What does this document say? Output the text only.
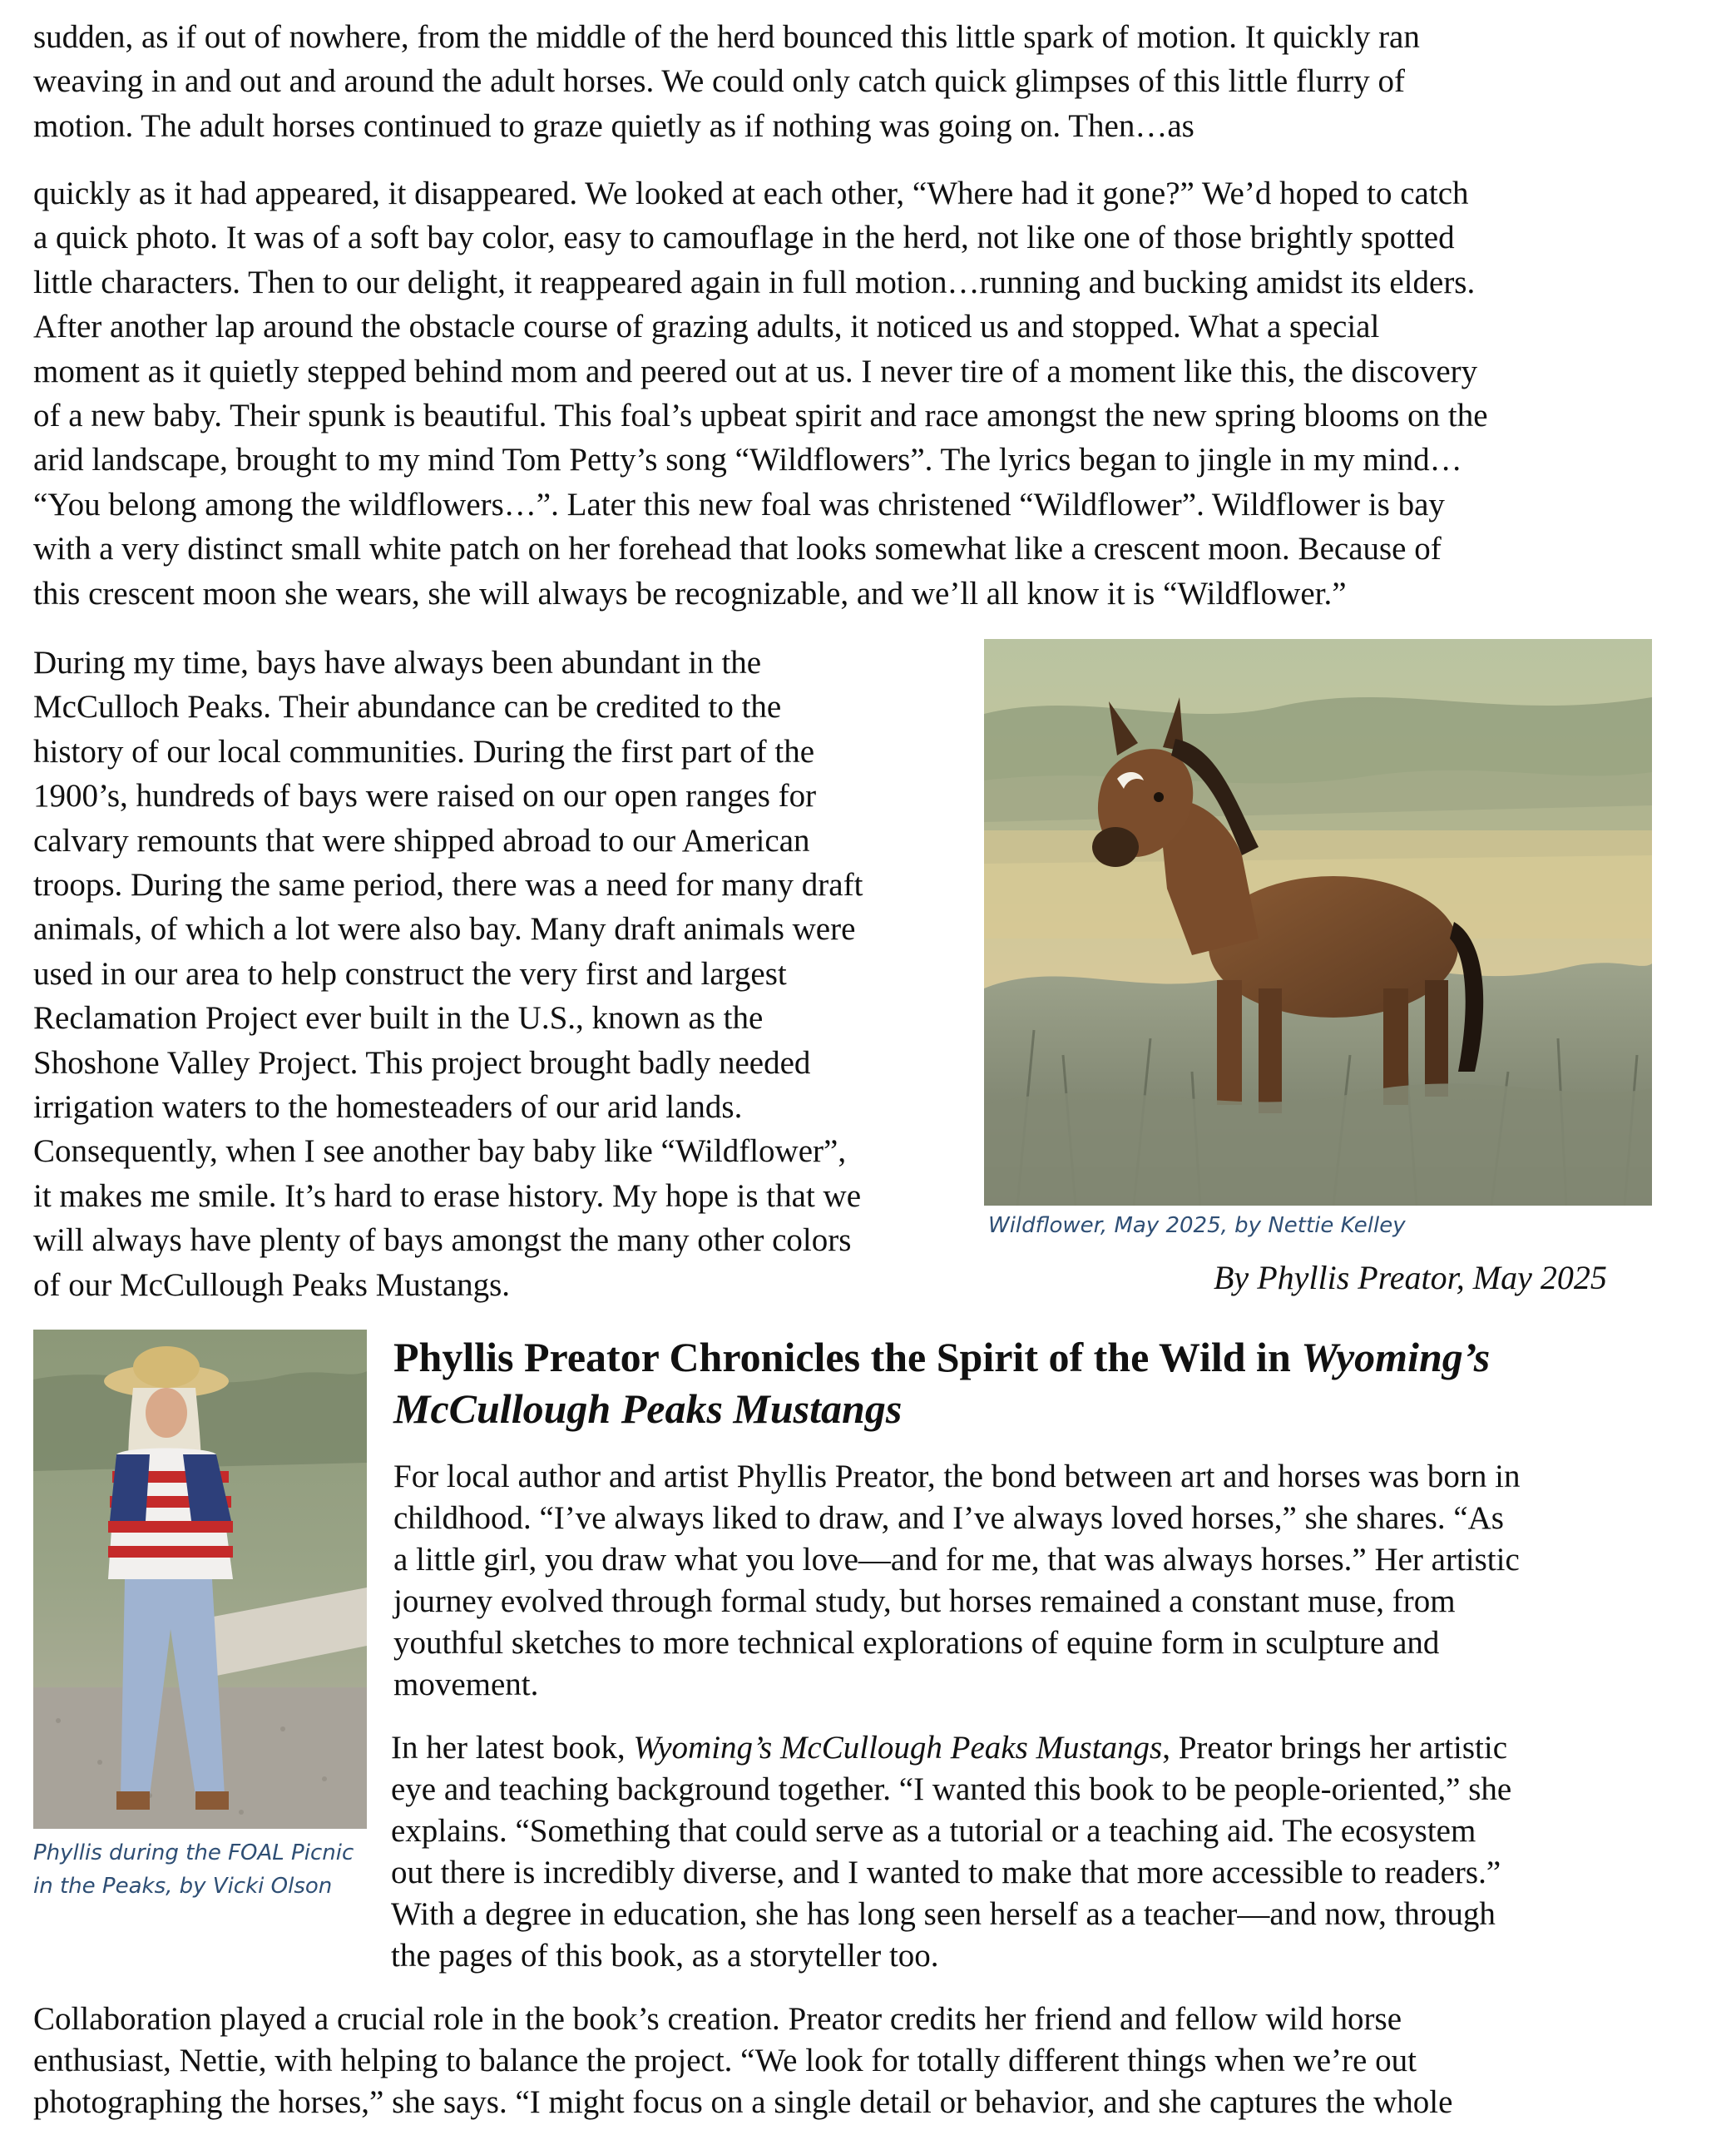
sudden, as if out of nowhere, from the middle of the herd bounced this little spark of motion. It quickly ran
weaving in and out and around the adult horses. We could only catch quick glimpses of this little flurry of
motion. The adult horses continued to graze quietly as if nothing was going on. Then…as
quickly as it had appeared, it disappeared. We looked at each other, “Where had it gone?” We’d hoped to catch
a quick photo. It was of a soft bay color, easy to camouflage in the herd, not like one of those brightly spotted
little characters. Then to our delight, it reappeared again in full motion…running and bucking amidst its elders.
After another lap around the obstacle course of grazing adults, it noticed us and stopped. What a special
moment as it quietly stepped behind mom and peered out at us. I never tire of a moment like this, the discovery
of a new baby. Their spunk is beautiful. This foal’s upbeat spirit and race amongst the new spring blooms on the
arid landscape, brought to my mind Tom Petty’s song “Wildflowers”. The lyrics began to jingle in my mind…
“You belong among the wildflowers…”. Later this new foal was christened “Wildflower”. Wildflower is bay
with a very distinct small white patch on her forehead that looks somewhat like a crescent moon. Because of
this crescent moon she wears, she will always be recognizable, and we’ll all know it is “Wildflower.”
During my time, bays have always been abundant in the
McCulloch Peaks. Their abundance can be credited to the
history of our local communities. During the first part of the
1900’s, hundreds of bays were raised on our open ranges for
calvary remounts that were shipped abroad to our American
troops. During the same period, there was a need for many draft
animals, of which a lot were also bay. Many draft animals were
used in our area to help construct the very first and largest
Reclamation Project ever built in the U.S., known as the
Shoshone Valley Project. This project brought badly needed
irrigation waters to the homesteaders of our arid lands.
Consequently, when I see another bay baby like “Wildflower”,
it makes me smile. It’s hard to erase history. My hope is that we
will always have plenty of bays amongst the many other colors
of our McCullough Peaks Mustangs.
Wildflower, May 2025, by Nettie Kelley
By Phyllis Preator, May 2025
Phyllis during the FOAL Picnic
in the Peaks, by Vicki Olson
Phyllis Preator Chronicles the Spirit of the Wild in Wyoming’s
McCullough Peaks Mustangs
For local author and artist Phyllis Preator, the bond between art and horses was born in
childhood. “I’ve always liked to draw, and I’ve always loved horses,” she shares. “As
a little girl, you draw what you love—and for me, that was always horses.” Her artistic
journey evolved through formal study, but horses remained a constant muse, from
youthful sketches to more technical explorations of equine form in sculpture and
movement.
In her latest book, Wyoming’s McCullough Peaks Mustangs, Preator brings her artistic
eye and teaching background together. “I wanted this book to be people-oriented,” she
explains. “Something that could serve as a tutorial or a teaching aid. The ecosystem
out there is incredibly diverse, and I wanted to make that more accessible to readers.”
With a degree in education, she has long seen herself as a teacher—and now, through
the pages of this book, as a storyteller too.
Collaboration played a crucial role in the book’s creation. Preator credits her friend and fellow wild horse
enthusiast, Nettie, with helping to balance the project. “We look for totally different things when we’re out
photographing the horses,” she says. “I might focus on a single detail or behavior, and she captures the whole
